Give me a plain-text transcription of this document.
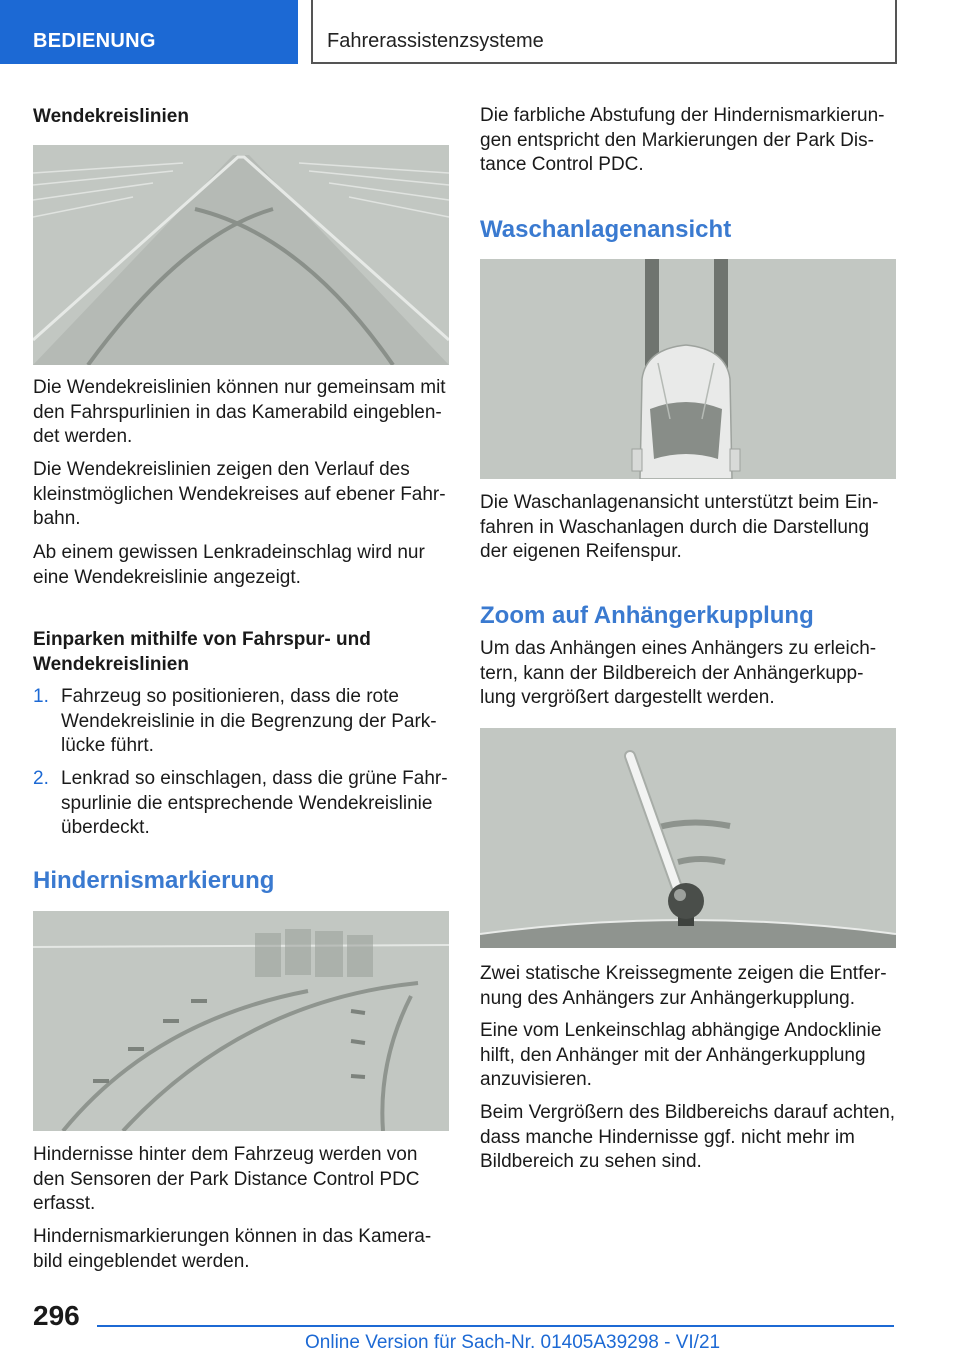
BEDIENUNG	Fahrerassistenzsysteme
Wendekreislinien

Die Wendekreislinien können nur gemeinsam mit den Fahrspurlinien in das Kamerabild eingeblen-det werden.

Die Wendekreislinien zeigen den Verlauf des kleinstmöglichen Wendekreises auf ebener Fahr-bahn.

Ab einem gewissen Lenkradeinschlag wird nur eine Wendekreislinie angezeigt.

Einparken mithilfe von Fahrspur- und Wendekreislinien
1. Fahrzeug so positionieren, dass die rote Wendekreislinie in die Begrenzung der Park-lücke führt.

2. Lenkrad so einschlagen, dass die grüne Fahr-spurlinie die entsprechende Wendekreislinie überdeckt.

Hindernismarkierung

Hindernisse hinter dem Fahrzeug werden von den Sensoren der Park Distance Control PDC erfasst.

Hindernismarkierungen können in das Kamera-bild eingeblendet werden.

Die farbliche Abstufung der Hindernismarkierun-gen entspricht den Markierungen der Park Dis-tance Control PDC.

Waschanlagenansicht

Die Waschanlagenansicht unterstützt beim Ein-fahren in Waschanlagen durch die Darstellung der eigenen Reifenspur.

Zoom auf Anhängerkupplung

Um das Anhängen eines Anhängers zu erleich-tern, kann der Bildbereich der Anhängerkupp-lung vergrößert dargestellt werden.

Zwei statische Kreissegmente zeigen die Entfer-nung des Anhängers zur Anhängerkupplung.

Eine vom Lenkeinschlag abhängige Andocklinie hilft, den Anhänger mit der Anhängerkupplung anzuvisieren.

Beim Vergrößern des Bildbereichs darauf achten, dass manche Hindernisse ggf. nicht mehr im Bildbereich zu sehen sind.

296
Online Version für Sach-Nr. 01405A39298 - VI/21
